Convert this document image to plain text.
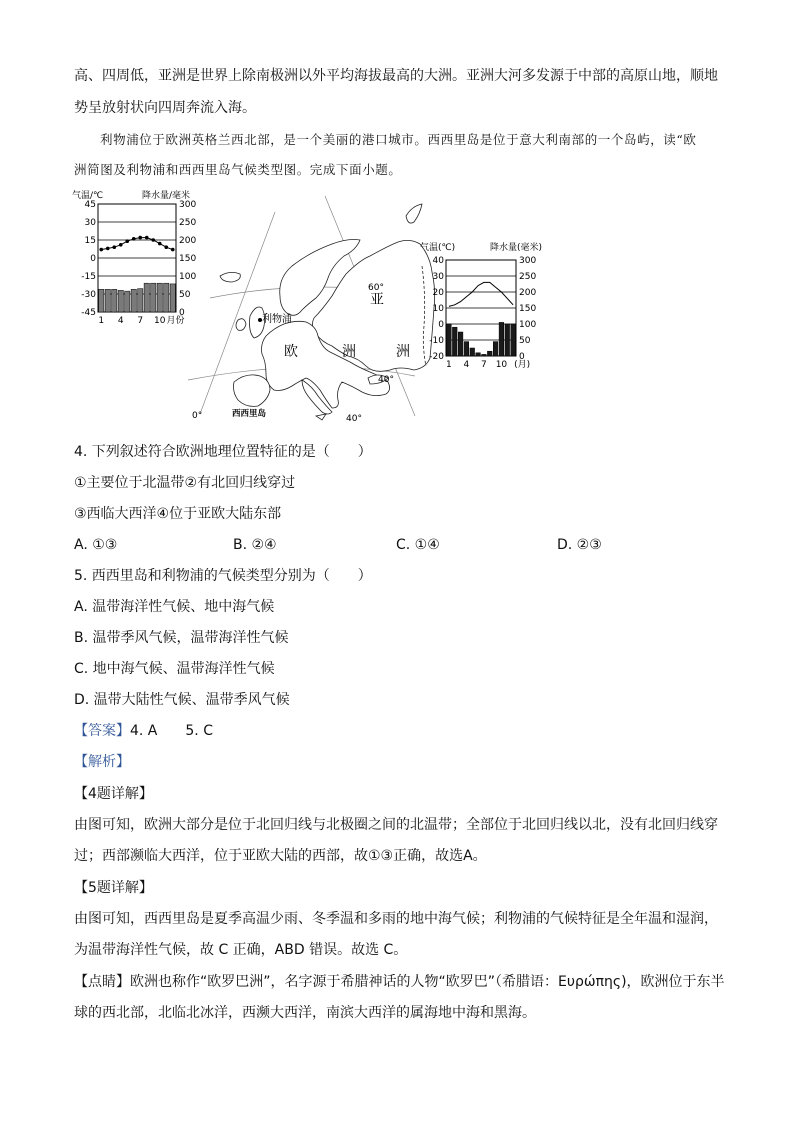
高、四周低，亚洲是世界上除南极洲以外平均海拔最高的大洲。亚洲大河多发源于中部的高原山地，顺地
势呈放射状向四周奔流入海。
利物浦位于欧洲英格兰西北部，是一个美丽的港口城市。西西里岛是位于意大利南部的一个岛屿，读“欧
洲简图及利物浦和西西里岛气候类型图。完成下面小题。
气温/℃	降水量/毫米
45
30
15
0
-15
-30
-45
300
250
200
150
100
50
0
1 4 7 10 月份	利物浦
西西里岛
欧	洲
亚
洲
60°
40°
0°	40°
气温(℃)	降水量(毫米)
40
30
20
10
0
-10
-20
300
250
200
150
100
50
0
1 4 7 10 (月)
4. 下列叙述符合欧洲地理位置特征的是（　　）
①主要位于北温带②有北回归线穿过
③西临大西洋④位于亚欧大陆东部
A. ①③	B. ②④	C. ①④	D. ②③
5. 西西里岛和利物浦的气候类型分别为（　　）
A. 温带海洋性气候、地中海气候
B. 温带季风气候，温带海洋性气候
C. 地中海气候、温带海洋性气候
D. 温带大陆性气候、温带季风气候
【答案】4. A　　5. C
【解析】
【4题详解】
由图可知，欧洲大部分是位于北回归线与北极圈之间的北温带；全部位于北回归线以北，没有北回归线穿
过；西部濒临大西洋，位于亚欧大陆的西部，故①③正确，故选A。
【5题详解】
由图可知，西西里岛是夏季高温少雨、冬季温和多雨的地中海气候；利物浦的气候特征是全年温和湿润，
为温带海洋性气候，故 C 正确，ABD 错误。故选 C。
【点睛】欧洲也称作“欧罗巴洲”，名字源于希腊神话的人物“欧罗巴”（希腊语：Ευρώπης)，欧洲位于东半
球的西北部，北临北冰洋，西濒大西洋，南滨大西洋的属海地中海和黑海。
